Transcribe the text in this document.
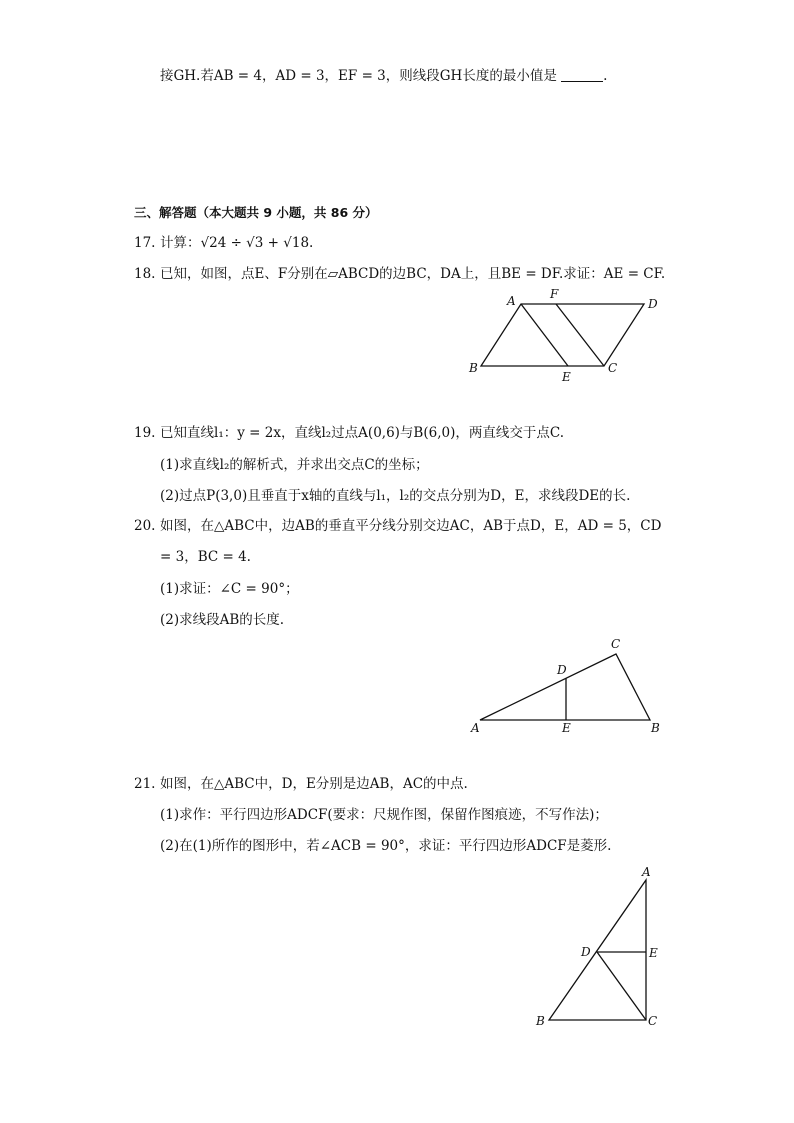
接GH.若AB = 4，AD = 3，EF = 3，则线段GH长度的最小值是	.
三、解答题（本大题共 9 小题，共 86 分）
17. 计算：√24 ÷ √3 + √18.
18. 已知，如图，点E、F分别在▱ABCD的边BC，DA上，且BE = DF.求证：AE = CF.
A	F
D
B
E
C
19. 已知直线l₁：y = 2x，直线l₂过点A(0,6)与B(6,0)，两直线交于点C.
(1)求直线l₂的解析式，并求出交点C的坐标；
(2)过点P(3,0)且垂直于x轴的直线与l₁，l₂的交点分别为D，E，求线段DE的长.
20. 如图，在△ABC中，边AB的垂直平分线分别交边AC，AB于点D，E，AD = 5，CD
= 3，BC = 4.
(1)求证：∠C = 90°；
(2)求线段AB的长度.
C
D
A	E	B
21. 如图，在△ABC中，D，E分别是边AB，AC的中点.
(1)求作：平行四边形ADCF(要求：尺规作图，保留作图痕迹，不写作法)；
(2)在(1)所作的图形中，若∠ACB = 90°，求证：平行四边形ADCF是菱形.
A
D	E
B	C
